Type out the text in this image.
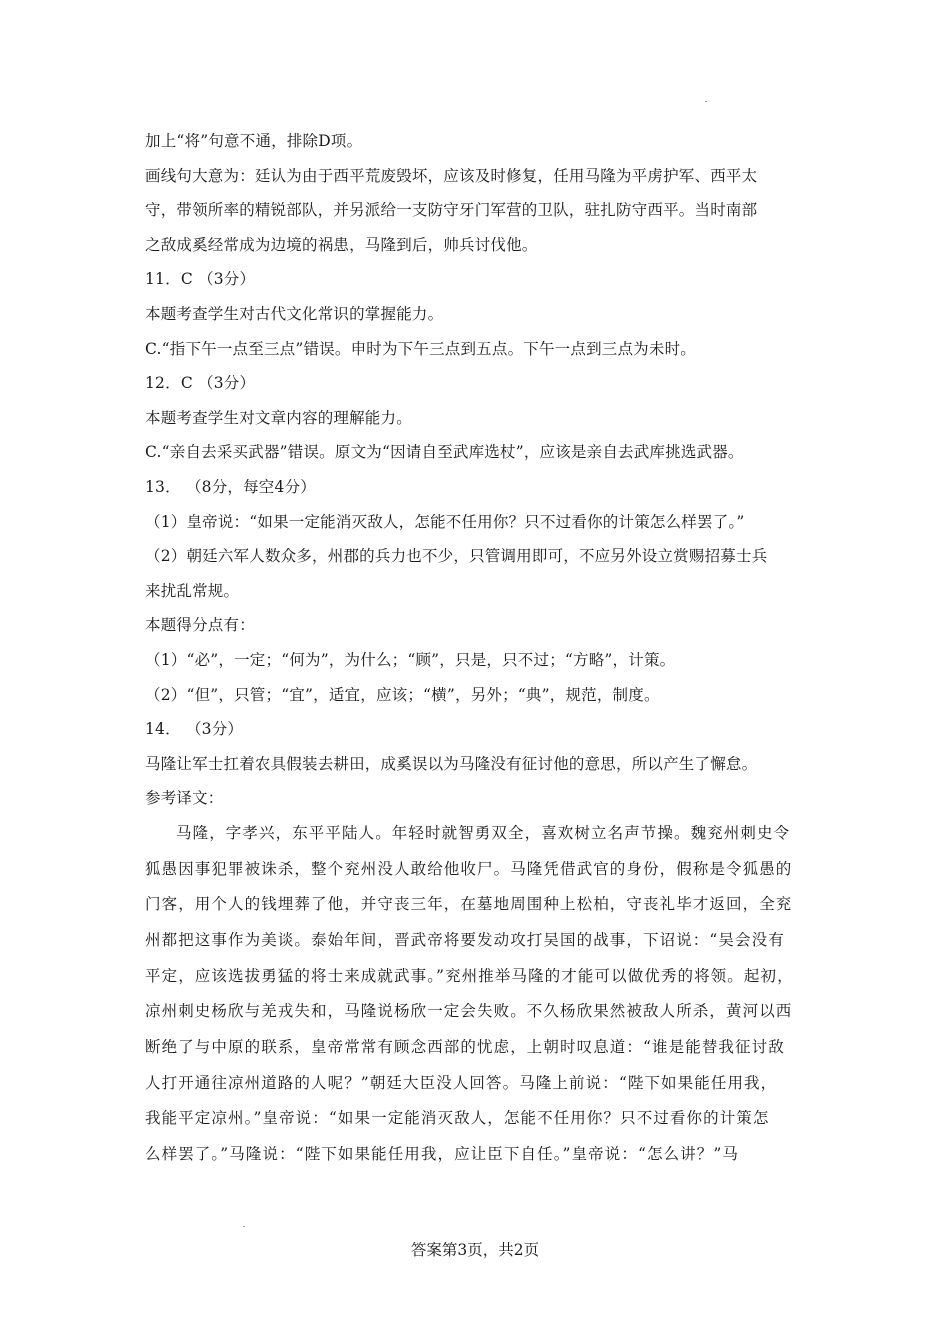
加上“将”句意不通，排除D项。
画线句大意为：廷认为由于西平荒废毁坏，应该及时修复，任用马隆为平虏护军、西平太
守，带领所率的精锐部队，并另派给一支防守牙门军营的卫队，驻扎防守西平。当时南部
之敌成奚经常成为边境的祸患，马隆到后，帅兵讨伐他。
11．C （3分）
本题考查学生对古代文化常识的掌握能力。
C.“指下午一点至三点”错误。申时为下午三点到五点。下午一点到三点为未时。
12．C （3分）
本题考查学生对文章内容的理解能力。
C.“亲自去采买武器”错误。原文为“因请自至武库选杖”，应该是亲自去武库挑选武器。
13． （8分，每空4分）
（1）皇帝说：“如果一定能消灭敌人，怎能不任用你？只不过看你的计策怎么样罢了。”
（2）朝廷六军人数众多，州郡的兵力也不少，只管调用即可，不应另外设立赏赐招募士兵
来扰乱常规。
本题得分点有：
（1）“必”，一定；“何为”，为什么；“顾”，只是，只不过；“方略”，计策。
（2）“但”，只管；“宜”，适宜，应该；“横”，另外；“典”，规范，制度。
14． （3分）
马隆让军士扛着农具假装去耕田，成奚误以为马隆没有征讨他的意思，所以产生了懈怠。
参考译文：
马隆，字孝兴，东平平陆人。年轻时就智勇双全，喜欢树立名声节操。魏兖州刺史令
狐愚因事犯罪被诛杀，整个兖州没人敢给他收尸。马隆凭借武官的身份，假称是令狐愚的
门客，用个人的钱埋葬了他，并守丧三年，在墓地周围种上松柏，守丧礼毕才返回，全兖
州都把这事作为美谈。泰始年间，晋武帝将要发动攻打吴国的战事，下诏说：“吴会没有
平定，应该选拔勇猛的将士来成就武事。”兖州推举马隆的才能可以做优秀的将领。起初，
凉州刺史杨欣与羌戎失和，马隆说杨欣一定会失败。不久杨欣果然被敌人所杀，黄河以西
断绝了与中原的联系，皇帝常常有顾念西部的忧虑，上朝时叹息道：“谁是能替我征讨敌
人打开通往凉州道路的人呢？”朝廷大臣没人回答。马隆上前说：“陛下如果能任用我，
我能平定凉州。”皇帝说：“如果一定能消灭敌人，怎能不任用你？只不过看你的计策怎
么样罢了。”马隆说：“陛下如果能任用我，应让臣下自任。”皇帝说：“怎么讲？”马
答案第3页，共2页
